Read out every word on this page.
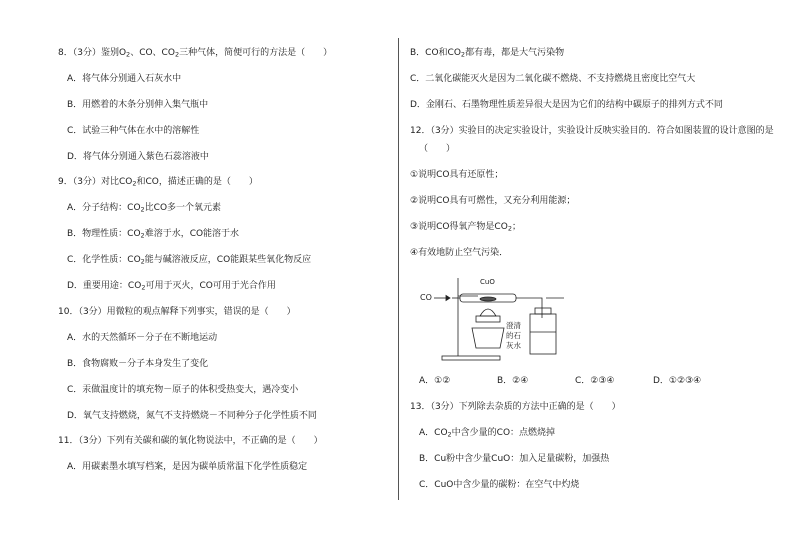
8．（3分）鉴别$O_2$、CO、$CO_2$三种气体，简便可行的方法是（　　）
A．将气体分别通入石灰水中
B．用燃着的木条分别伸入集气瓶中
C．试验三种气体在水中的溶解性
D．将气体分别通入紫色石蕊溶液中
9．（3分）对比$CO_2$和CO，描述正确的是（　　）
A．分子结构：$CO_2$比CO多一个氧元素
B．物理性质：$CO_2$难溶于水，CO能溶于水
C．化学性质：$CO_2$能与碱溶液反应，CO能跟某些氧化物反应
D．重要用途：$CO_2$可用于灭火，CO可用于光合作用
10．（3分）用微粒的观点解释下列事实，错误的是（　　）
A．水的天然循环－分子在不断地运动
B．食物腐败－分子本身发生了变化
C．汞做温度计的填充物－原子的体积受热变大，遇冷变小
D．氧气支持燃烧，氮气不支持燃烧－不同种分子化学性质不同
11．（3分）下列有关碳和碳的氧化物说法中，不正确的是（　　）
A．用碳素墨水填写档案，是因为碳单质常温下化学性质稳定
B．CO和$CO_2$都有毒，都是大气污染物
C．二氧化碳能灭火是因为二氧化碳不燃烧、不支持燃烧且密度比空气大
D．金刚石、石墨物理性质差异很大是因为它们的结构中碳原子的排列方式不同
12．（3分）实验目的决定实验设计，实验设计反映实验目的．符合如图装置的设计意图的是
（　　）
①说明CO具有还原性；
②说明CO具有可燃性，又充分利用能源；
③说明CO得氧产物是$CO_2$；
④有效地防止空气污染．
CO
CuO
澄清
的石
灰水
A．①②	B．②④	C．②③④	D．①②③④
13．（3分）下列除去杂质的方法中正确的是（　　）
A．$CO_2$中含少量的CO：点燃烧掉
B．Cu粉中含少量CuO：加入足量碳粉，加强热
C．CuO中含少量的碳粉：在空气中灼烧
